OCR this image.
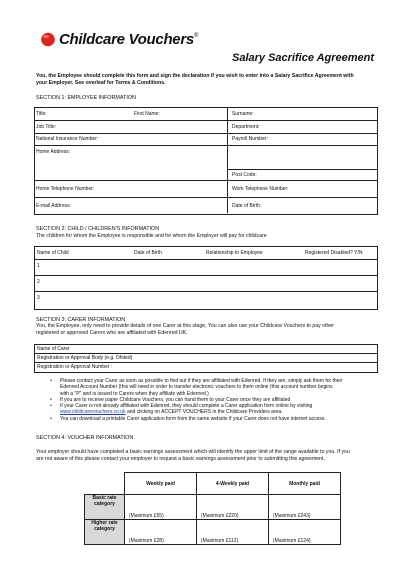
Childcare Vouchers ®
Salary Sacrifice Agreement
You, the Employee should complete this form and sign the declaration if you wish to enter into a Salary Sacrifice Agreement with
your Employer. See overleaf for Terms & Conditions.
SECTION 1: EMPLOYEE INFORMATION
Title:	First Name:	Surname:
Job Title:	Department:
National Insurance Number:	Payroll Number:
Home Address:
Post Code:
Home Telephone Number:	Work Telephone Number:
E-mail Address:	Date of Birth:
SECTION 2: CHILD / CHILDREN'S INFORMATION
The children for whom the Employee is responsible and for whom the Employer will pay for childcare
Name of Child	Date of Birth	Relationship to Employee	Registered Disabled? Y/N
1
2
3
SECTION 3: CARER INFORMATION
You, the Employee, only need to provide details of one Carer at this stage, You can also use your Childcare Vouchers to pay other
registered or approved Carers who are affiliated with Edenred UK.
Name of Carer
Registration or Approval Body (e.g. Ofsted)
Registration or Approval Number :
• Please contact your Carer as soon as possible to find out if they are affiliated with Edenred. If they are, simply ask them for their
Edenred Account Number (this will need in order to transfer electronic vouchers to them online (this account number begins
with a "P" and is issued to Carers when they affiliate with Edenred.)
• If you are to receive paper Childcare Vouchers, you can hand them to your Carer once they are affiliated
• If your Carer is not already affiliated with Edenred, they should complete a Carer application form online by visiting
www.childcarevouchers.co.uk and clicking on ACCEPT VOUCHERS in the Childcare Providers area.
• You can download a printable Carer application form from the same website if your Carer does not have internet access.
SECTION 4: VOUCHER INFORMATION
Your employer should have completed a basic earnings assessment which will identify the upper limit of the range available to you. If you
are not aware of this please contact your employer to request a basic earnings assessment prior to submitting this agreement.
	Weekly paid	4-Weekly paid	Monthly paid
Basic rate category	(Maximum £55)	(Maximum £220)	(Maximum £243)
Higher rate category	(Maximum £28)	(Maximum £112)	(Maximum £124)
